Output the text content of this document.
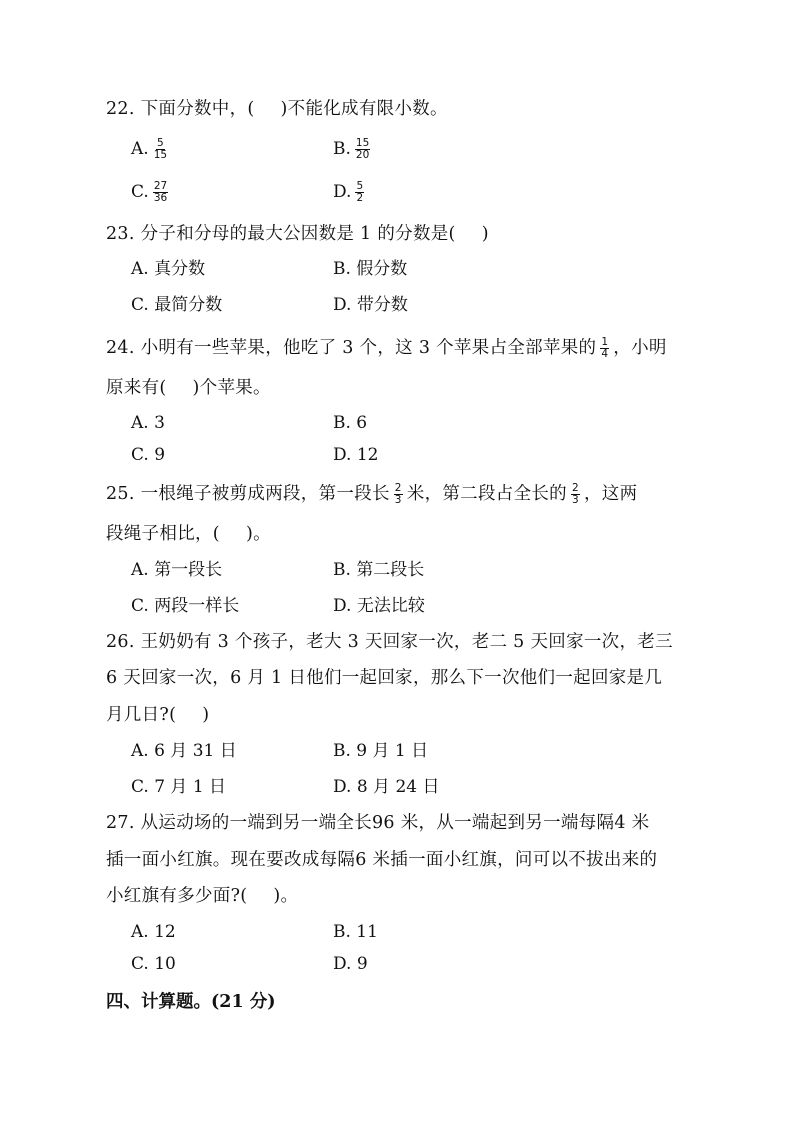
22. 下面分数中，( )不能化成有限小数。
A. $\frac{5}{15}$	B. $\frac{15}{20}$
C. $\frac{27}{36}$	D. $\frac{5}{2}$
23. 分子和分母的最大公因数是 1 的分数是( )
A. 真分数	B. 假分数
C. 最简分数	D. 带分数
24. 小明有一些苹果，他吃了 3 个，这 3 个苹果占全部苹果的 $\frac{1}{4}$ ，小明
原来有( )个苹果。
A. 3	B. 6
C. 9	D. 12
25. 一根绳子被剪成两段，第一段长 $\frac{2}{3}$ 米，第二段占全长的 $\frac{2}{3}$ ，这两
段绳子相比，( )。
A. 第一段长	B. 第二段长
C. 两段一样长	D. 无法比较
26. 王奶奶有 3 个孩子，老大 3 天回家一次，老二 5 天回家一次，老三
6 天回家一次，6 月 1 日他们一起回家，那么下一次他们一起回家是几
月几日?( )
A. 6 月 31 日	B. 9 月 1 日
C. 7 月 1 日	D. 8 月 24 日
27. 从运动场的一端到另一端全长96 米，从一端起到另一端每隔4 米
插一面小红旗。现在要改成每隔6 米插一面小红旗，问可以不拔出来的
小红旗有多少面?( )。
A. 12	B. 11
C. 10	D. 9
四、计算题。(21 分)
